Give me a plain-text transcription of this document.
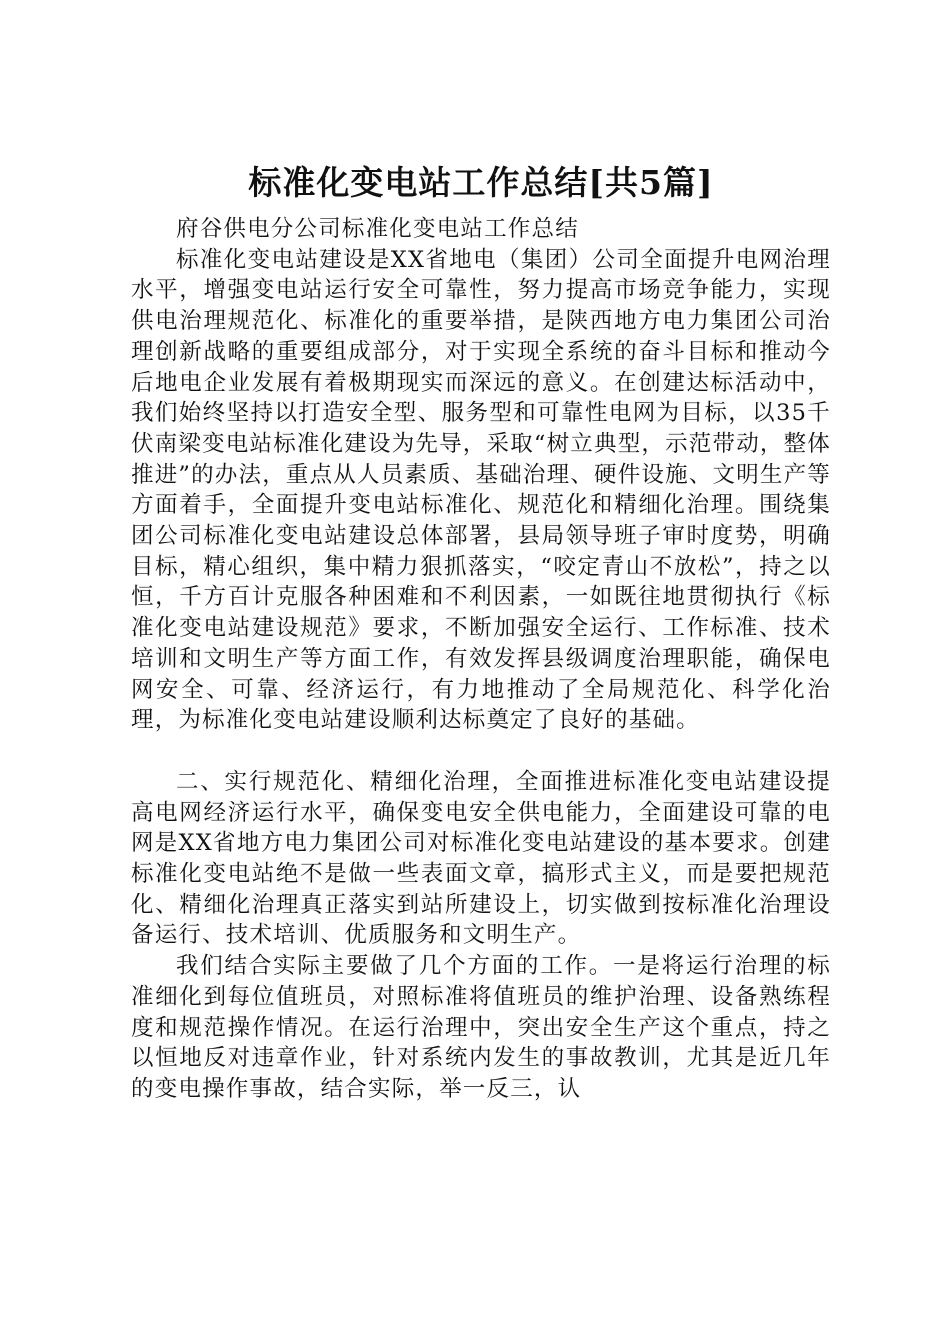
标准化变电站工作总结[共5篇]

府谷供电分公司标准化变电站工作总结

标准化变电站建设是XX省地电（集团）公司全面提升电网治理水平，增强变电站运行安全可靠性，努力提高市场竞争能力，实现供电治理规范化、标准化的重要举措，是陕西地方电力集团公司治理创新战略的重要组成部分，对于实现全系统的奋斗目标和推动今后地电企业发展有着极期现实而深远的意义。在创建达标活动中，我们始终坚持以打造安全型、服务型和可靠性电网为目标，以35千伏南梁变电站标准化建设为先导，采取“树立典型，示范带动，整体推进”的办法，重点从人员素质、基础治理、硬件设施、文明生产等方面着手，全面提升变电站标准化、规范化和精细化治理。围绕集团公司标准化变电站建设总体部署，县局领导班子审时度势，明确目标，精心组织，集中精力狠抓落实，“咬定青山不放松”，持之以恒，千方百计克服各种困难和不利因素，一如既往地贯彻执行《标准化变电站建设规范》要求，不断加强安全运行、工作标准、技术培训和文明生产等方面工作，有效发挥县级调度治理职能，确保电网安全、可靠、经济运行，有力地推动了全局规范化、科学化治理，为标准化变电站建设顺利达标奠定了良好的基础。

二、实行规范化、精细化治理，全面推进标准化变电站建设提高电网经济运行水平，确保变电安全供电能力，全面建设可靠的电网是XX省地方电力集团公司对标准化变电站建设的基本要求。创建标准化变电站绝不是做一些表面文章，搞形式主义，而是要把规范化、精细化治理真正落实到站所建设上，切实做到按标准化治理设备运行、技术培训、优质服务和文明生产。

我们结合实际主要做了几个方面的工作。一是将运行治理的标准细化到每位值班员，对照标准将值班员的维护治理、设备熟练程度和规范操作情况。在运行治理中，突出安全生产这个重点，持之以恒地反对违章作业，针对系统内发生的事故教训，尤其是近几年的变电操作事故，结合实际，举一反三，认
